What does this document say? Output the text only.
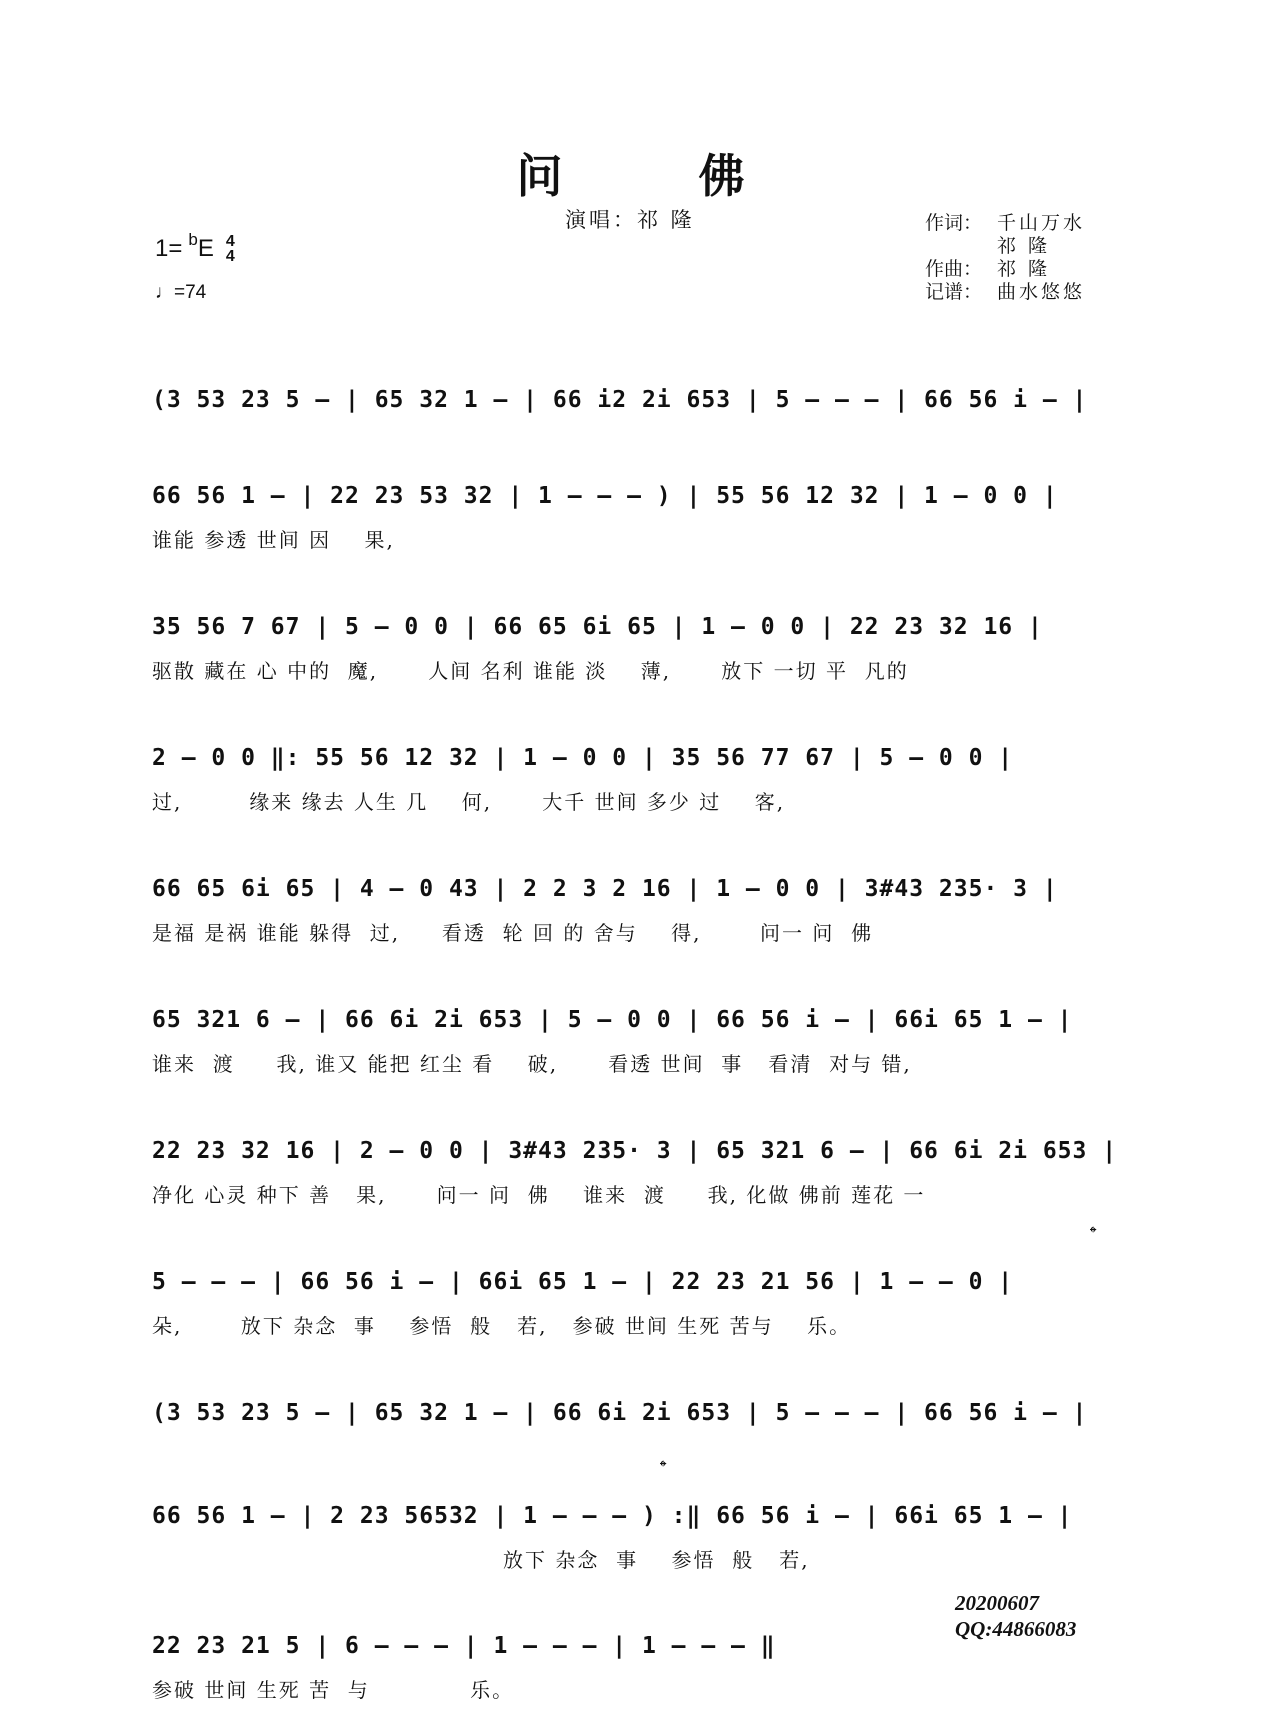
问 佛
演唱：祁 隆	作词： 千山万水
祁 隆
作曲： 祁 隆
记谱： 曲水悠悠
1= b E 4
4
♩=74
(3 53 23 5 – | 65 32 1 – | 66 i2 2i 653 | 5 – – – | 66 56 i – |
66 56 1 – | 22 23 53 32 | 1 – – – ) | 55 56 12 32 | 1 – 0 0 |
谁能 参透 世间 因    果,
35 56 7 67 | 5 – 0 0 | 66 65 6i 65 | 1 – 0 0 | 22 23 32 16 |
驱散 藏在 心 中的  魔,      人间 名利 谁能 淡    薄,      放下 一切 平  凡的
2 – 0 0 ‖: 55 56 12 32 | 1 – 0 0 | 35 56 77 67 | 5 – 0 0 |
过,        缘来 缘去 人生 几    何,      大千 世间 多少 过    客,
66 65 6i 65 | 4 – 0 43 | 2 2 3 2 16 | 1 – 0 0 | 3#43 235· 3 |
是福 是祸 谁能 躲得  过,     看透  轮 回 的 舍与    得,       问一 问  佛
65 321 6 – | 66 6i 2i 653 | 5 – 0 0 | 66 56 i – | 66i 65 1 – |
谁来  渡     我, 谁又 能把 红尘 看    破,      看透 世间  事   看清  对与 错,
22 23 32 16 | 2 – 0 0 | 3#43 235· 3 | 65 321 6 – | 66 6i 2i 653 |
净化 心灵 种下 善   果,      问一 问  佛    谁来  渡     我, 化做 佛前 莲花 一
5 – – – | 66 56 i – | 66i 65 1 – | 22 23 21 56 | 1 – – 0 |
朵,       放下 杂念  事    参悟  般   若,   参破 世间 生死 苦与    乐。
(3 53 23 5 – | 65 32 1 – | 66 6i 2i 653 | 5 – – – | 66 56 i – |
66 56 1 – | 2 23 56532 | 1 – – – ) :‖ 66 56 i – | 66i 65 1 – |
放下 杂念  事    参悟  般   若,
22 23 21 5 | 6 – – – | 1 – – – | 1 – – – ‖
参破 世间 生死 苦  与            乐。
𝄌
𝄌
20200607
QQ:44866083
